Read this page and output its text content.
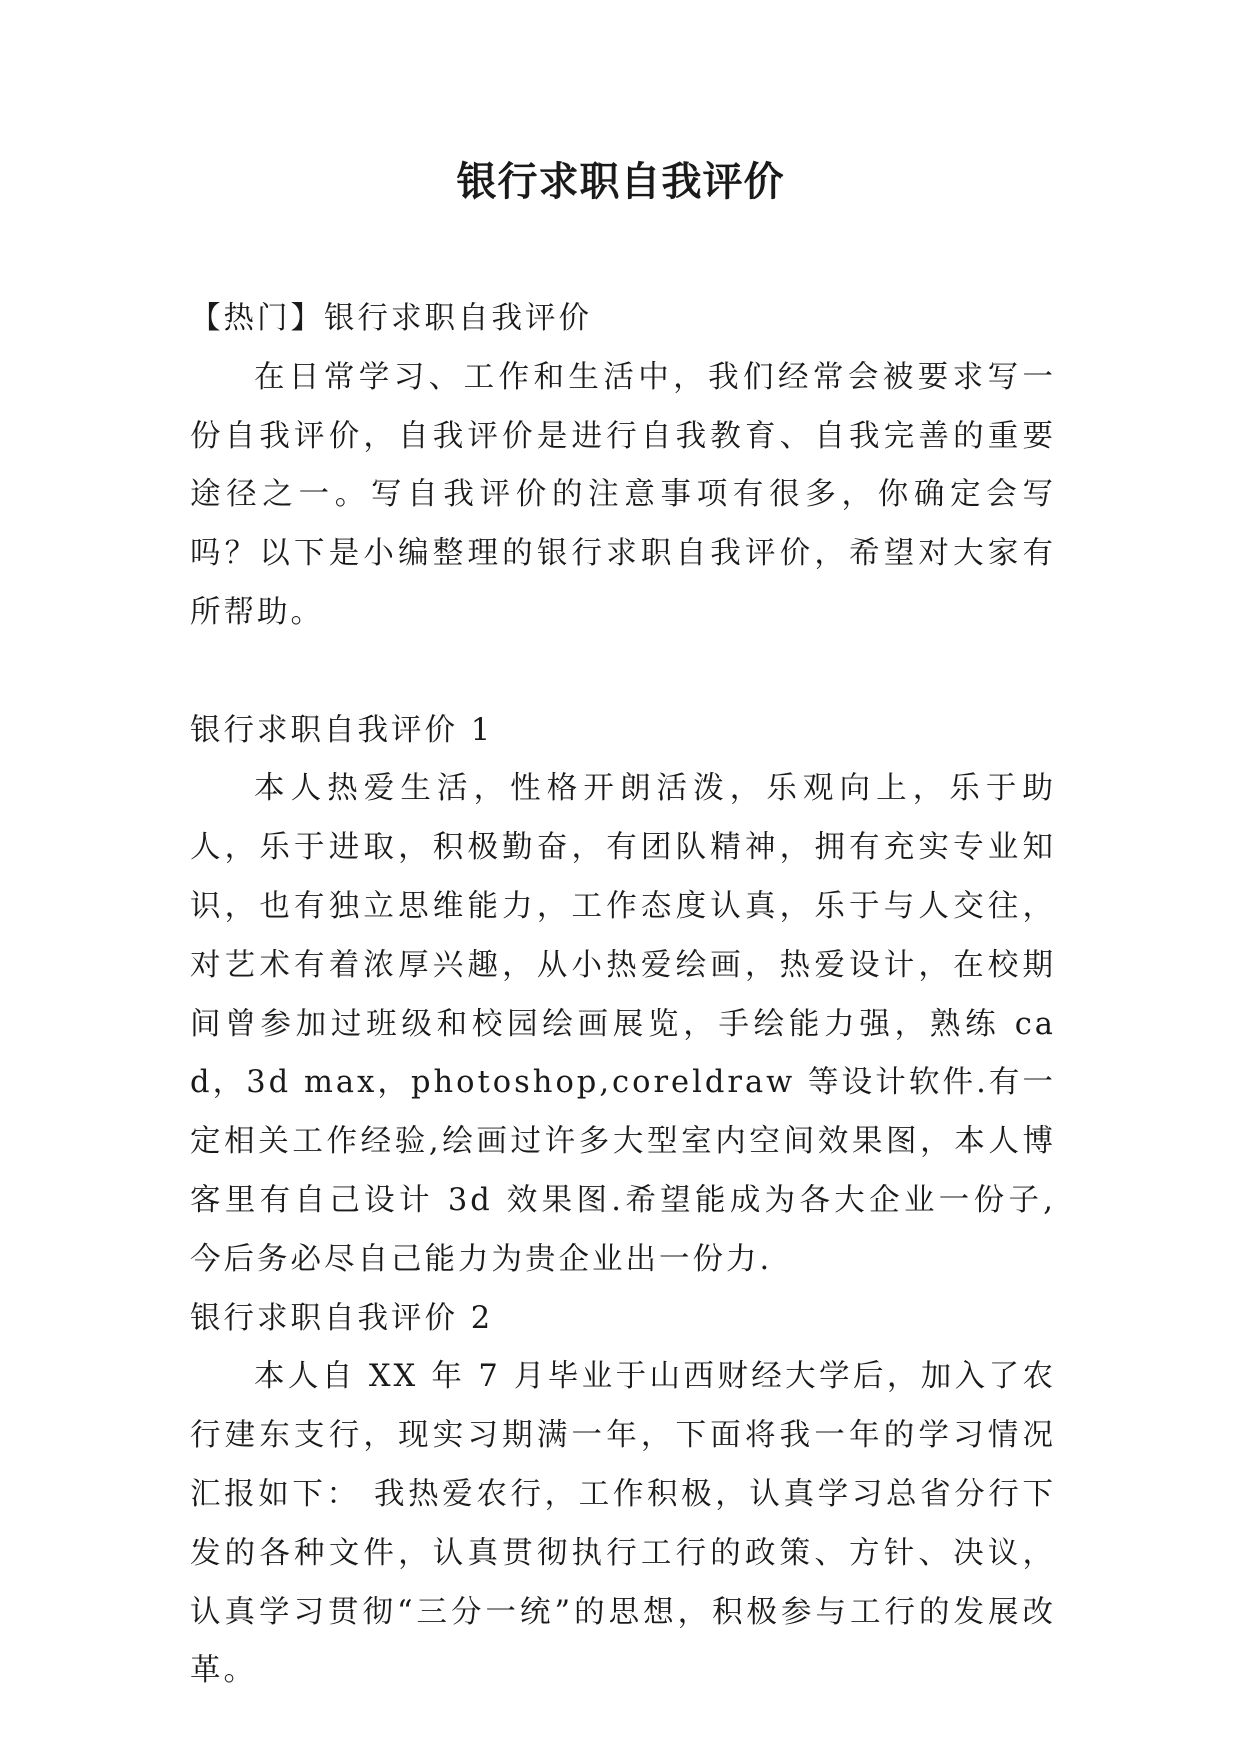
银行求职自我评价

【热门】银行求职自我评价

在日常学习、工作和生活中，我们经常会被要求写一份自我评价，自我评价是进行自我教育、自我完善的重要途径之一。写自我评价的注意事项有很多，你确定会写吗？以下是小编整理的银行求职自我评价，希望对大家有所帮助。

银行求职自我评价 1

本人热爱生活，性格开朗活泼，乐观向上，乐于助人，乐于进取，积极勤奋，有团队精神，拥有充实专业知识，也有独立思维能力，工作态度认真，乐于与人交往，对艺术有着浓厚兴趣，从小热爱绘画，热爱设计，在校期间曾参加过班级和校园绘画展览，手绘能力强，熟练 cad，3d max，photoshop,coreldraw 等设计软件.有一定相关工作经验,绘画过许多大型室内空间效果图，本人博客里有自己设计 3d 效果图.希望能成为各大企业一份子,今后务必尽自己能力为贵企业出一份力.

银行求职自我评价 2

本人自 XX 年 7 月毕业于山西财经大学后，加入了农行建东支行，现实习期满一年，下面将我一年的学习情况汇报如下： 我热爱农行，工作积极，认真学习总省分行下发的各种文件，认真贯彻执行工行的政策、方针、决议，认真学习贯彻“三分一统”的思想，积极参与工行的发展改革。
